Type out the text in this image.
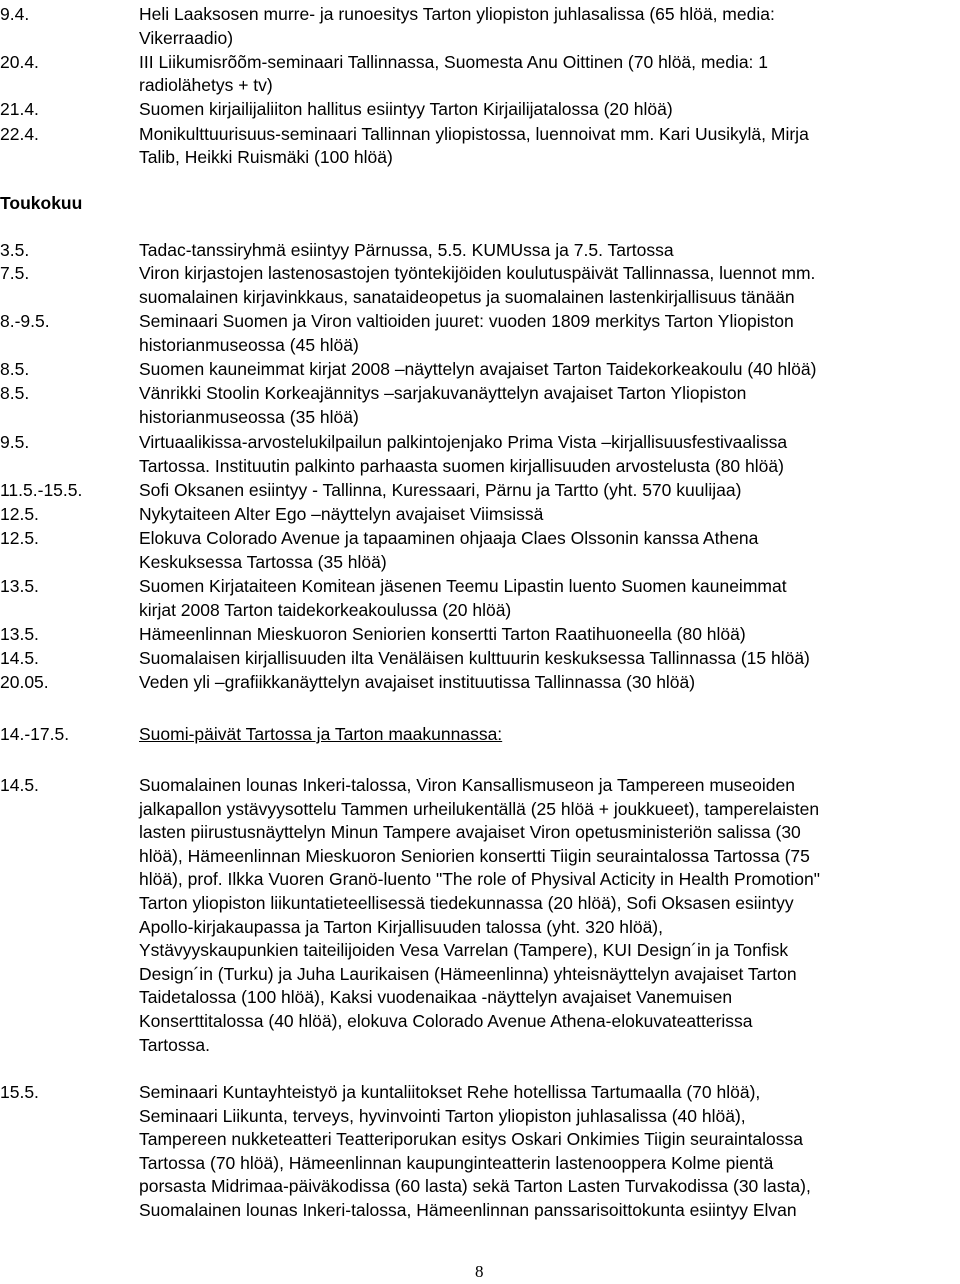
Toukokuu
8
9.4.	Heli Laaksosen murre- ja runoesitys Tarton yliopiston juhlasalissa (65 hlöä, media:
Vikerraadio)
20.4.	III Liikumisrõõm-seminaari Tallinnassa, Suomesta Anu Oittinen (70 hlöä, media: 1
radiolähetys + tv)
21.4.	Suomen kirjailijaliiton hallitus esiintyy Tarton Kirjailijatalossa (20 hlöä)
22.4.	Monikulttuurisuus-seminaari Tallinnan yliopistossa, luennoivat mm. Kari Uusikylä, Mirja
Talib, Heikki Ruismäki (100 hlöä)
3.5.	Tadac-tanssiryhmä esiintyy Pärnussa, 5.5. KUMUssa ja 7.5. Tartossa
7.5.	Viron kirjastojen lastenosastojen työntekijöiden koulutuspäivät Tallinnassa, luennot mm.
suomalainen kirjavinkkaus, sanataideopetus ja suomalainen lastenkirjallisuus tänään
8.-9.5.	Seminaari Suomen ja Viron valtioiden juuret: vuoden 1809 merkitys Tarton Yliopiston
historianmuseossa (45 hlöä)
8.5.	Suomen kauneimmat kirjat 2008 –näyttelyn avajaiset Tarton Taidekorkeakoulu (40 hlöä)
8.5.	Vänrikki Stoolin Korkeajännitys –sarjakuvanäyttelyn avajaiset Tarton Yliopiston
historianmuseossa (35 hlöä)
9.5.	Virtuaalikissa-arvostelukilpailun palkintojenjako Prima Vista –kirjallisuusfestivaalissa
Tartossa. Instituutin palkinto parhaasta suomen kirjallisuuden arvostelusta (80 hlöä)
11.5.-15.5.	Sofi Oksanen esiintyy - Tallinna, Kuressaari, Pärnu ja Tartto (yht. 570 kuulijaa)
12.5.	Nykytaiteen Alter Ego –näyttelyn avajaiset Viimsissä
12.5.	Elokuva Colorado Avenue ja tapaaminen ohjaaja Claes Olssonin kanssa Athena
Keskuksessa Tartossa (35 hlöä)
13.5.	Suomen Kirjataiteen Komitean jäsenen Teemu Lipastin luento Suomen kauneimmat
kirjat 2008 Tarton taidekorkeakoulussa (20 hlöä)
13.5.	Hämeenlinnan Mieskuoron Seniorien konsertti Tarton Raatihuoneella (80 hlöä)
14.5.	Suomalaisen kirjallisuuden ilta Venäläisen kulttuurin keskuksessa Tallinnassa (15 hlöä)
20.05.	Veden yli –grafiikkanäyttelyn avajaiset instituutissa Tallinnassa (30 hlöä)
14.-17.5.	Suomi-päivät Tartossa ja Tarton maakunnassa:
14.5.	Suomalainen lounas Inkeri-talossa, Viron Kansallismuseon ja Tampereen museoiden
jalkapallon ystävyysottelu Tammen urheilukentällä (25 hlöä + joukkueet), tamperelaisten
lasten piirustusnäyttelyn Minun Tampere avajaiset Viron opetusministeriön salissa (30
hlöä), Hämeenlinnan Mieskuoron Seniorien konsertti Tiigin seuraintalossa Tartossa (75
hlöä), prof. Ilkka Vuoren Granö-luento "The role of Physival Acticity in Health Promotion"
Tarton yliopiston liikuntatieteellisessä tiedekunnassa (20 hlöä), Sofi Oksasen esiintyy
Apollo-kirjakaupassa ja Tarton Kirjallisuuden talossa (yht. 320 hlöä),
Ystävyyskaupunkien taiteilijoiden Vesa Varrelan (Tampere), KUI Design´in ja Tonfisk
Design´in (Turku) ja Juha Laurikaisen (Hämeenlinna) yhteisnäyttelyn avajaiset Tarton
Taidetalossa (100 hlöä), Kaksi vuodenaikaa -näyttelyn avajaiset Vanemuisen
Konserttitalossa (40 hlöä), elokuva Colorado Avenue Athena-elokuvateatterissa
Tartossa.
15.5.	Seminaari Kuntayhteistyö ja kuntaliitokset Rehe hotellissa Tartumaalla (70 hlöä),
Seminaari Liikunta, terveys, hyvinvointi Tarton yliopiston juhlasalissa (40 hlöä),
Tampereen nukketeatteri Teatteriporukan esitys Oskari Onkimies Tiigin seuraintalossa
Tartossa (70 hlöä), Hämeenlinnan kaupunginteatterin lastenooppera Kolme pientä
porsasta Midrimaa-päiväkodissa (60 lasta) sekä Tarton Lasten Turvakodissa (30 lasta),
Suomalainen lounas Inkeri-talossa, Hämeenlinnan panssarisoittokunta esiintyy Elvan
